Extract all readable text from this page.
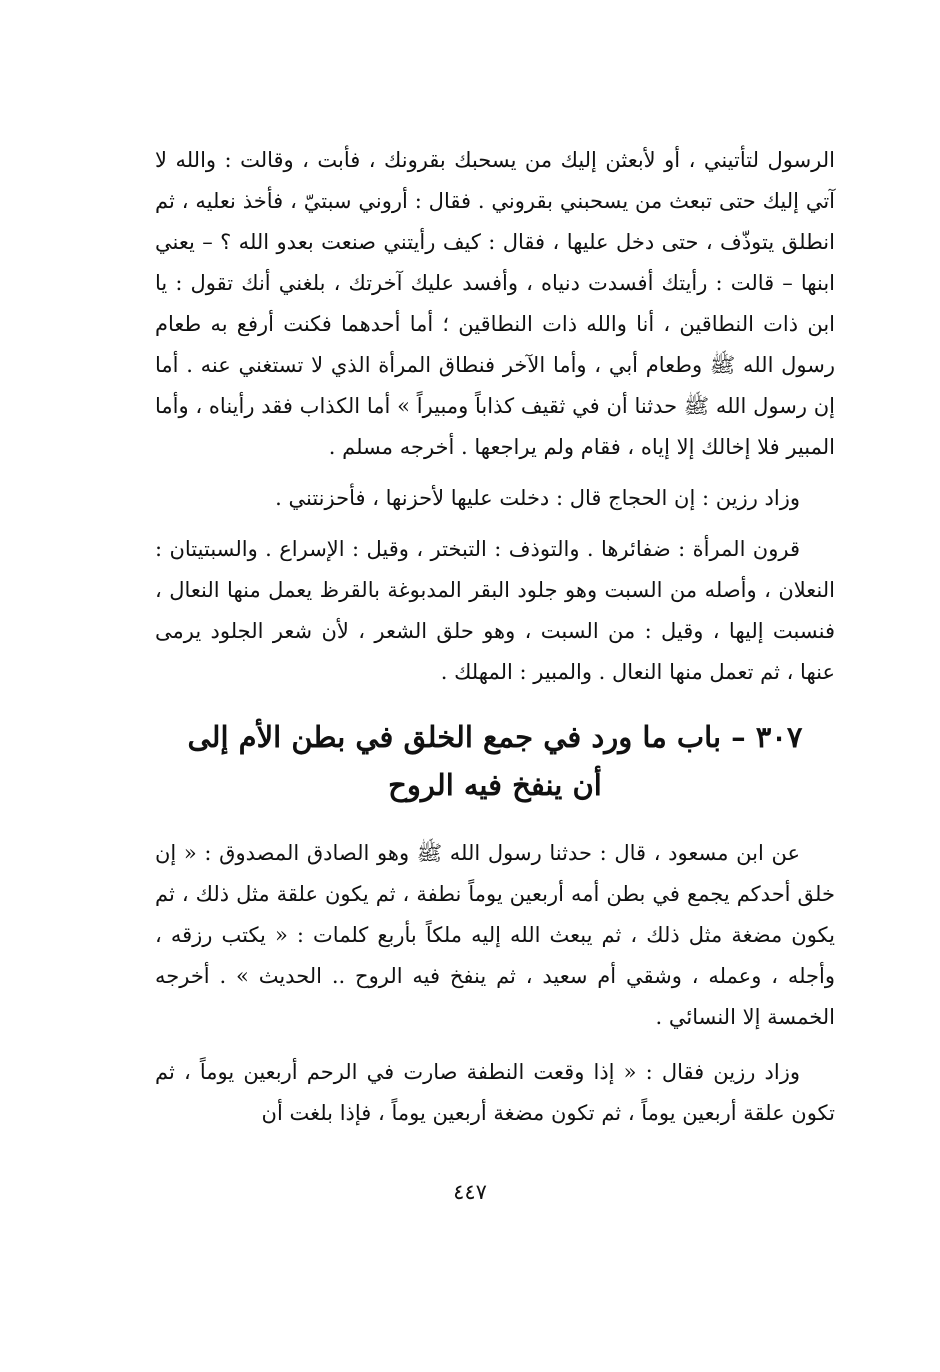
الرسول لتأتيني ، أو لأبعثن إليك من يسحبك بقرونك ، فأبت ، وقالت : والله لا آتي إليك حتى تبعث من يسحبني بقروني . فقال : أروني سبتيّ ، فأخذ نعليه ، ثم انطلق يتوذّف ، حتى دخل عليها ، فقال : كيف رأيتني صنعت بعدو الله ؟ – يعني ابنها – قالت : رأيتك أفسدت دنياه ، وأفسد عليك آخرتك ، بلغني أنك تقول : يا ابن ذات النطاقين ، أنا والله ذات النطاقين ؛ أما أحدهما فكنت أرفع به طعام رسول الله ﷺ وطعام أبي ، وأما الآخر فنطاق المرأة الذي لا تستغني عنه . أما إن رسول الله ﷺ حدثنا أن في ثقيف كذاباً ومبيراً » أما الكذاب فقد رأيناه ، وأما المبير فلا إخالك إلا إياه ، فقام ولم يراجعها . أخرجه مسلم .

وزاد رزين : إن الحجاج قال : دخلت عليها لأحزنها ، فأحزنتني .

قرون المرأة : ضفائرها . والتوذف : التبختر ، وقيل : الإسراع . والسبتيتان : النعلان ، وأصله من السبت وهو جلود البقر المدبوغة بالقرظ يعمل منها النعال ، فنسبت إليها ، وقيل : من السبت ، وهو حلق الشعر ، لأن شعر الجلود يرمى عنها ، ثم تعمل منها النعال . والمبير : المهلك .

٣٠٧ – باب ما ورد في جمع الخلق في بطن الأم إلى
أن ينفخ فيه الروح

عن ابن مسعود ، قال : حدثنا رسول الله ﷺ وهو الصادق المصدوق : « إن خلق أحدكم يجمع في بطن أمه أربعين يوماً نطفة ، ثم يكون علقة مثل ذلك ، ثم يكون مضغة مثل ذلك ، ثم يبعث الله إليه ملكاً بأربع كلمات : « يكتب رزقه ، وأجله ، وعمله ، وشقي أم سعيد ، ثم ينفخ فيه الروح .. الحديث » . أخرجه الخمسة إلا النسائي .

وزاد رزين فقال : « إذا وقعت النطفة صارت في الرحم أربعين يوماً ، ثم تكون علقة أربعين يوماً ، ثم تكون مضغة أربعين يوماً ، فإذا بلغت أن

٤٤٧
